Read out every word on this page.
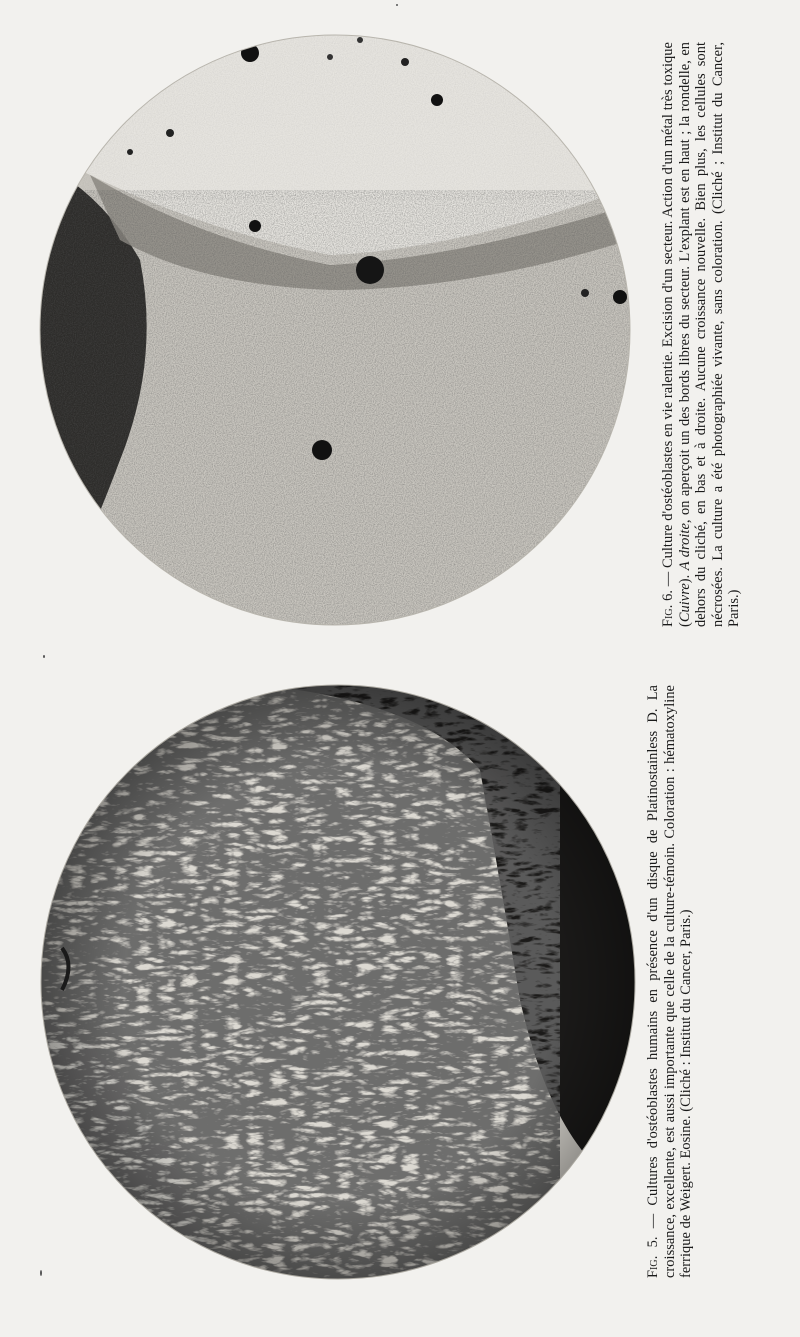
Fig. 6. — Culture d'ostéoblastes en vie ralentie. Excision d'un secteur. Action d'un métal très toxique (Cuivre). A droite, on aperçoit un des bords libres du secteur. L'explant est en haut ; la rondelle, en dehors du cliché, en bas et à droite. Aucune croissance nouvelle. Bien plus, les cellules sont nécrosées. La culture a été photographiée vivante, sans coloration. (Cliché ; Institut du Cancer, Paris.)

Fig. 5. — Cultures d'ostéoblastes humains en présence d'un disque de Platinostainless D. La croissance, excellente, est aussi importante que celle de la culture-témoin. Coloration : hématoxyline ferrique de Weigert. Eosine. (Cliché : Institut du Cancer, Paris.)
